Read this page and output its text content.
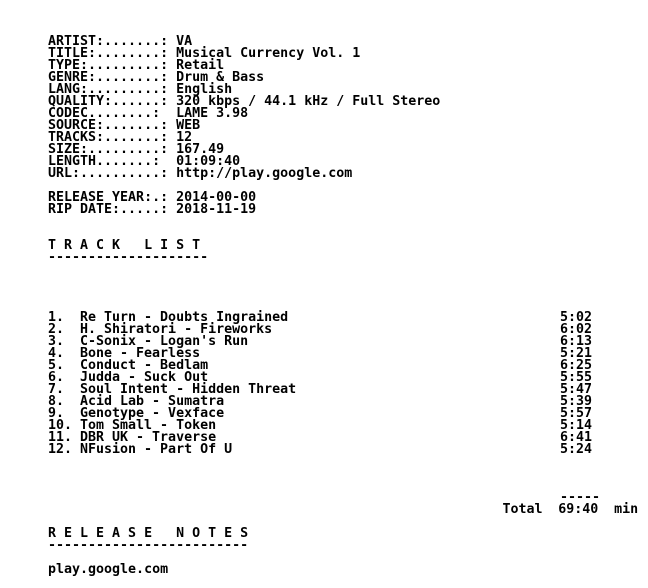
ARTIST:.......:
VA
TITLE:........:
Musical Currency Vol. 1
TYPE:.........:
Retail
GENRE:........:
Drum & Bass
LANG:.........:
English
QUALITY:......:
320 kbps / 44.1 kHz / Full Stereo
CODEC........:
LAME 3.98
SOURCE:.......:
WEB
TRACKS:.......:
12
SIZE:.........:
167.49
LENGTH.......:
01:09:40
URL:..........:
http://play.google.com
RELEASE YEAR:.:
2014-00-00
RIP DATE:.....:
2018-11-19
T R A C K   L I S T
--------------------
1.	Re Turn - Doubts Ingrained	5:02
2.	H. Shiratori - Fireworks	6:02
3.	C-Sonix - Logan's Run	6:13
4.	Bone - Fearless	5:21
5.	Conduct - Bedlam	6:25
6.	Judda - Suck Out	5:55
7.	Soul Intent - Hidden Threat	5:47
8.	Acid Lab - Sumatra	5:39
9.	Genotype - Vexface	5:57
10. Tom Small - Token	5:14
11. DBR UK - Traverse	6:41
12. NFusion - Part Of U	5:24
-----
Total	69:40	min
R E L E A S E   N O T E S
-------------------------
play.google.com
